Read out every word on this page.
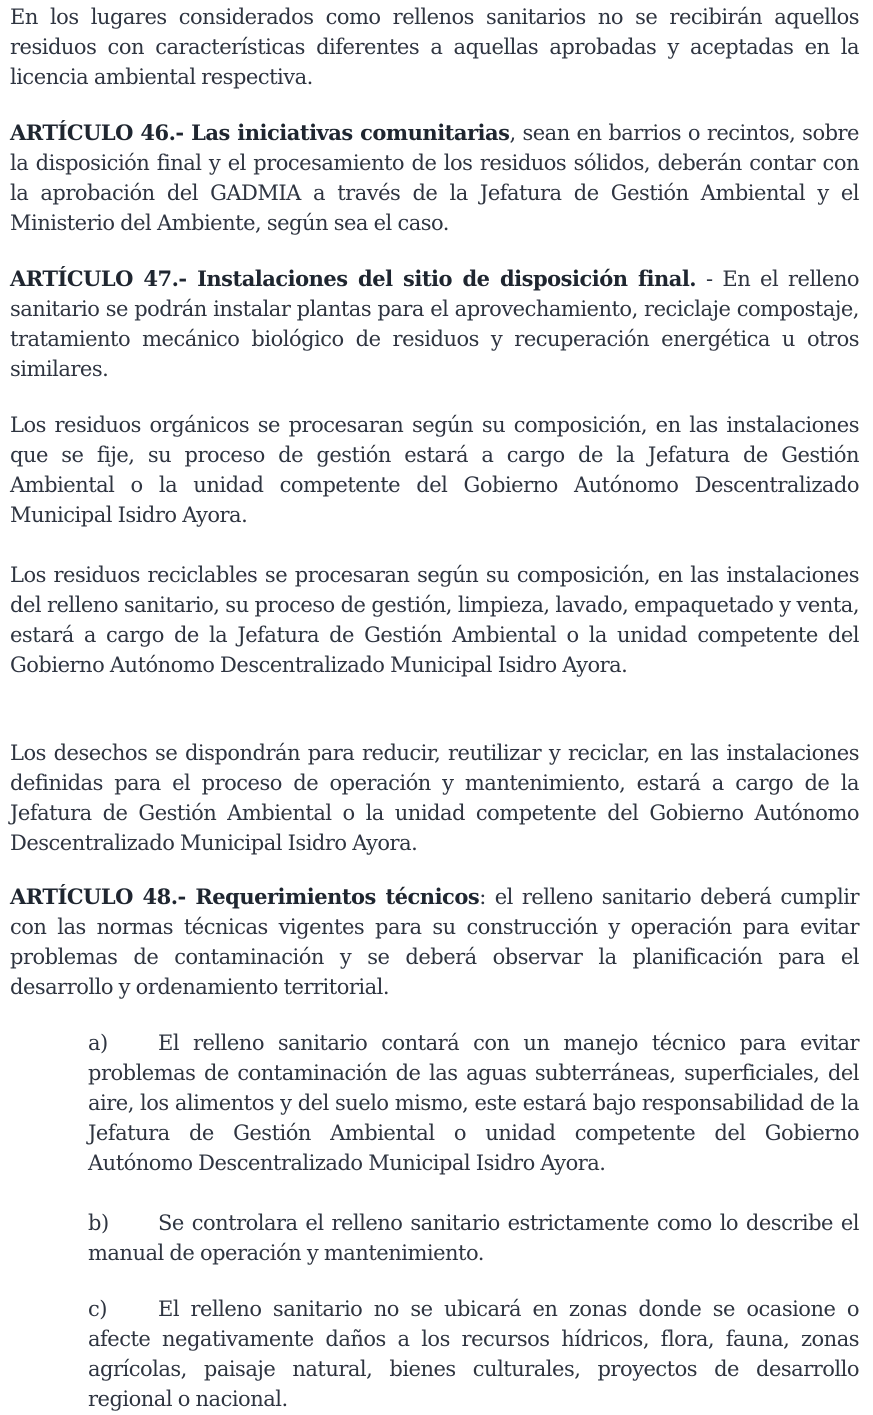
En los lugares considerados como rellenos sanitarios no se recibirán aquellos residuos con características diferentes a aquellas aprobadas y aceptadas en la licencia ambiental respectiva.

ARTÍCULO 46.- Las iniciativas comunitarias, sean en barrios o recintos, sobre la disposición final y el procesamiento de los residuos sólidos, deberán contar con la aprobación del GADMIA a través de la Jefatura de Gestión Ambiental y el Ministerio del Ambiente, según sea el caso.

ARTÍCULO 47.- Instalaciones del sitio de disposición final. - En el relleno sanitario se podrán instalar plantas para el aprovechamiento, reciclaje compostaje, tratamiento mecánico biológico de residuos y recuperación energética u otros similares.

Los residuos orgánicos se procesaran según su composición, en las instalaciones que se fije, su proceso de gestión estará a cargo de la Jefatura de Gestión Ambiental o la unidad competente del Gobierno Autónomo Descentralizado Municipal Isidro Ayora.

Los residuos reciclables se procesaran según su composición, en las instalaciones del relleno sanitario, su proceso de gestión, limpieza, lavado, empaquetado y venta, estará a cargo de la Jefatura de Gestión Ambiental o la unidad competente del Gobierno Autónomo Descentralizado Municipal Isidro Ayora.

Los desechos se dispondrán para reducir, reutilizar y reciclar, en las instalaciones definidas para el proceso de operación y mantenimiento, estará a cargo de la Jefatura de Gestión Ambiental o la unidad competente del Gobierno Autónomo Descentralizado Municipal Isidro Ayora.

ARTÍCULO 48.- Requerimientos técnicos: el relleno sanitario deberá cumplir con las normas técnicas vigentes para su construcción y operación para evitar problemas de contaminación y se deberá observar la planificación para el desarrollo y ordenamiento territorial.

a) El relleno sanitario contará con un manejo técnico para evitar problemas de contaminación de las aguas subterráneas, superficiales, del aire, los alimentos y del suelo mismo, este estará bajo responsabilidad de la Jefatura de Gestión Ambiental o unidad competente del Gobierno Autónomo Descentralizado Municipal Isidro Ayora.

b) Se controlara el relleno sanitario estrictamente como lo describe el manual de operación y mantenimiento.

c) El relleno sanitario no se ubicará en zonas donde se ocasione o afecte negativamente daños a los recursos hídricos, flora, fauna, zonas agrícolas, paisaje natural, bienes culturales, proyectos de desarrollo regional o nacional.
